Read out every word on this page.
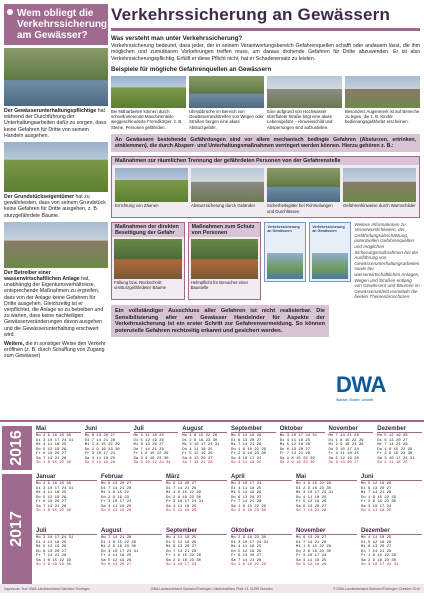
Wem obliegt die Verkehrssicherung am Gewässer?
Der Gewässerunterhaltungspflichtige hat während der Durchführung der Unterhaltungsarbeiten dafür zu sorgen, dass keine Gefahren für Dritte von seinem Handeln ausgehen.
Der Grundstückseigentümer hat zu gewährleisten, dass von seinem Grundstück keine Gefahren für Dritte ausgehen, z. B. sturzgefährdete Bäume.
Der Betreiber einer wasserwirtschaftlichen Anlage hat, unabhängig der Eigentumsverhältnisse, entsprechende Maßnahmen zu ergreifen, dass von der Anlage keine Gefahren für Dritte ausgehen. Gleichzeitig ist er verpflichtet, die Anlage so zu betreiben und zu warten, dass keine nachteiligen Gewässerveränderungen davon ausgehen und die Gewässerunterhaltung erschwert wird.
Weitere, die in sonstiger Weise den Verkehr eröffnen (z. B. durch Schaffung von Zugang zum Gewässer)
Verkehrssicherung an Gewässern
Was versteht man unter Verkehrssicherung?
Verkehrssicherung bedeutet, dass jeder, der in seinem Verantwortungsbereich Gefahrenquellen schafft oder andauern lässt, die ihm möglichen und zumutbaren Vorkehrungen treffen muss, um daraus drohende Gefahren für Dritte abzuwenden. Er ist also Verkehrssicherungspflichtig. Erfüllt er diese Pflicht nicht, hat er Schadenersatz zu leisten.
Beispiele für mögliche Gefahrenquellen an Gewässern
Bei Mäharbeiten können durch schnellrotierende Maschinenteile weggeschleuderte Fremdkörper, z. B. Steine, Personen gefährden.
Uferabbrüche im Bereich von Gewässerrandstreifen von Wegen oder Straßen bergen eine akute Absturzgefahr.
Eine aufgrund von Hochwasser überflutete Straße birgt eine akute Lebensgefahr – Hinweisschild und Absperrungen sind aufzustellen.
Besonders Augenmerk ist auf Bereiche zu legen, die z. B. Kinder bedienungsgefährdet erscheinen.
An Gewässern bestehende Gefährdungen sind vor allem mechanisch bedingte Gefahren (Absturzen, ertrinken, einklemmen), die durch Absperr- und Unterhaltungsmaßnahmen verringert werden können. Hierzu gehören z. B.:
Maßnahmen zur räumlichen Trennung der gefährdeten Personen von der Gefahrenstelle
Errichtung von Zäunen	Absturzsicherung durch Geländer	Sicherheitsgitter bei Rohrteilungen und Durchlässen
Gefahrenhinweise durch Warnschilder
Maßnahmen der direkten Beseitigung der Gefahr
Fällung bzw. Rückschnitt umsturzgefährdeter Bäume
Maßnahmen zum Schutz von Personen
Helmpflicht für Besucher einer Baustelle
Verkehrssicherung an Gewässern
Verkehrssicherung an Gewässern
Weitere Informationen zu Verantwortlichkeiten, der Gefährdungsabschätzung, potenziellen Gefahrenquellen und möglichen Sicherungsmaßnahmen bei der Ausführung von Gewässerunterhaltungsarbeiten sowie bei wasserwirtschaftlichen Anlagen, Wegen und Straßen entlang von Gewässern und Bäumen im Gewässerumfeld vermitteln die beiden Themenbroschüren.
Ein vollständiger Ausschluss aller Gefahren ist nicht realisierbar. Die Sensibilisierung aller am Gewässer Handelnder für Aspekte der Verkehrssicherung ist ein erster Schritt zur Gefahrenvermeidung. So können potenzielle Gefahren rechtzeitig erkannt und gesichert werden.
DWA
Wasser, Boden, Umwelt
2016
Mai
Mo 2 9 16 23 30
Di 3 10 17 24 31
Mi 4 11 18 25
Do 5 12 19 26
Fr 6 13 20 27
Sa 7 14 21 28
So 1 8 15 22 29
Juni
Mo 6 13 20 27
Di 7 14 21 28
Mi 1 8 15 22 29
Do 2 9 16 23 30
Fr 3 10 17 24
Sa 4 11 18 25
So 5 12 19 26
Juli
Mo 4 11 18 25
Di 5 12 19 26
Mi 6 13 20 27
Do 7 14 21 28
Fr 1 8 15 22 29
Sa 2 9 16 23 30
So 3 10 17 24 31
August
Mo 1 8 15 22 29
Di 2 9 16 23 30
Mi 3 10 17 24 31
Do 4 11 18 25
Fr 5 12 19 26
Sa 6 13 20 27
So 7 14 21 28
September
Mo 5 12 19 26
Di 6 13 20 27
Mi 7 14 21 28
Do 1 8 15 22 29
Fr 2 9 16 23 30
Sa 3 10 17 24
So 4 11 18 25
Oktober
Mo 3 10 17 24 31
Di 4 11 18 25
Mi 5 12 19 26
Do 6 13 20 27
Fr 7 14 21 28
Sa 1 8 15 22 29
So 2 9 16 23 30
November
Mo 7 14 21 28
Di 1 8 15 22 29
Mi 2 9 16 23 30
Do 3 10 17 24
Fr 4 11 18 25
Sa 5 12 19 26
So 6 13 20 27
Dezember
Mo 5 12 19 26
Di 6 13 20 27
Mi 7 14 21 28
Do 1 8 15 22 29
Fr 2 9 16 23 30
Sa 3 10 17 24 31
So 4 11 18 25
2017
Januar
Mo 2 9 16 23 30
Di 3 10 17 24 31
Mi 4 11 18 25
Do 5 12 19 26
Fr 6 13 20 27
Sa 7 14 21 28
So 1 8 15 22 29
Februar
Mo 6 13 20 27
Di 7 14 21 28
Mi 1 8 15 22
Do 2 9 16 23
Fr 3 10 17 24
Sa 4 11 18 25
So 5 12 19 26
März
Mo 6 13 20 27
Di 7 14 21 28
Mi 1 8 15 22 29
Do 2 9 16 23 30
Fr 3 10 17 24 31
Sa 4 11 18 25
So 5 12 19 26
April
Mo 3 10 17 24
Di 4 11 18 25
Mi 5 12 19 26
Do 6 13 20 27
Fr 7 14 21 28
Sa 1 8 15 22 29
So 2 9 16 23 30
Mai
Mo 1 8 15 22 29
Di 2 9 16 23 30
Mi 3 10 17 24 31
Do 4 11 18 25
Fr 5 12 19 26
Sa 6 13 20 27
So 7 14 21 28
Juni
Mo 5 12 19 26
Di 6 13 20 27
Mi 7 14 21 28
Do 1 8 15 22 29
Fr 2 9 16 23 30
Sa 3 10 17 24
So 4 11 18 25
Juli
Mo 3 10 17 24 31
Di 4 11 18 25
Mi 5 12 19 26
Do 6 13 20 27
Fr 7 14 21 28
Sa 1 8 15 22 29
So 2 9 16 23 30
August
Mo 7 14 21 28
Di 1 8 15 22 29
Mi 2 9 16 23 30
Do 3 10 17 24 31
Fr 4 11 18 25
Sa 5 12 19 26
So 6 13 20 27
September
Mo 4 11 18 25
Di 5 12 19 26
Mi 6 13 20 27
Do 7 14 21 28
Fr 1 8 15 22 29
Sa 2 9 16 23 30
So 3 10 17 24
Oktober
Mo 2 9 16 23 30
Di 3 10 17 24 31
Mi 4 11 18 25
Do 5 12 19 26
Fr 6 13 20 27
Sa 7 14 21 28
So 1 8 15 22 29
November
Mo 6 13 20 27
Di 7 14 21 28
Mi 1 8 15 22 29
Do 2 9 16 23 30
Fr 3 10 17 24
Sa 4 11 18 25
So 5 12 19 26
Dezember
Mo 4 11 18 25
Di 5 12 19 26
Mi 6 13 20 27
Do 7 14 21 28
Fr 1 8 15 22 29
Sa 2 9 16 23 30
So 3 10 17 24 31
Impressum Text: DWA-Landesverband Sachsen/Thüringen	DWA-Landesverband Sachsen/Thüringen, Niedersedlitzer Platz 13, 01259 Dresden	© DWA-Landesverband Sachsen/Thüringen, Dresden 2016
